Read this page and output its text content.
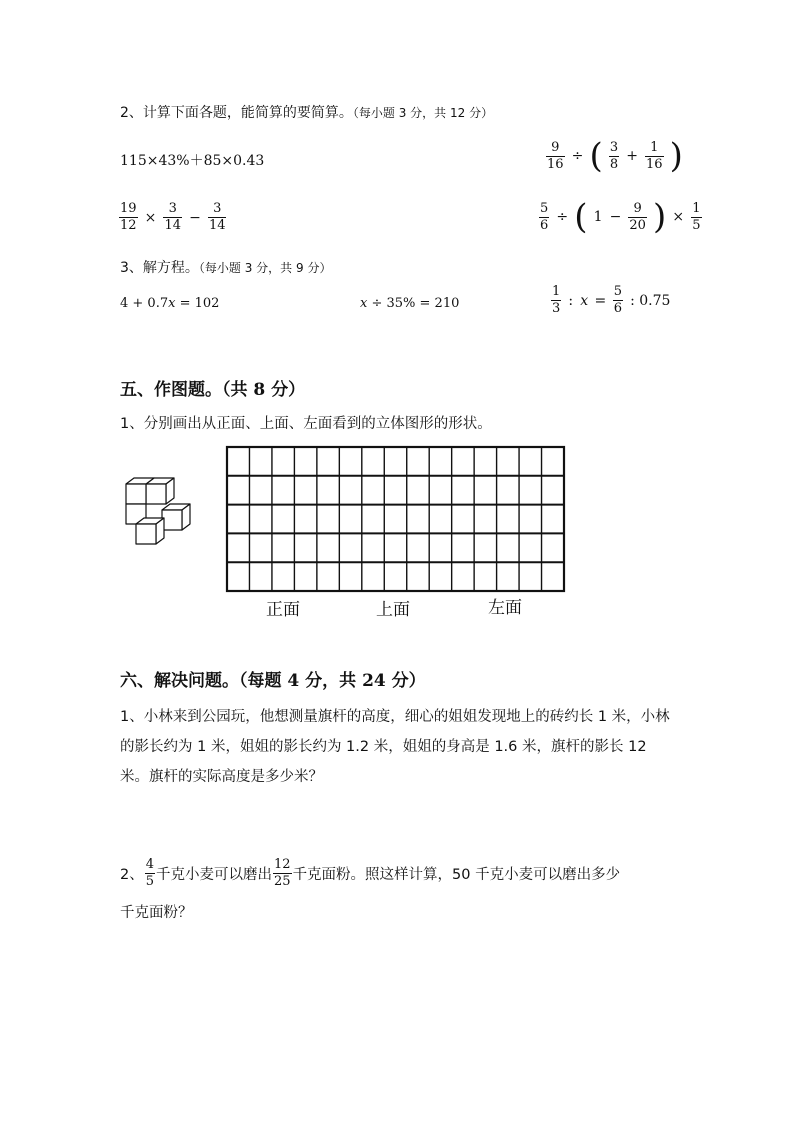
2、计算下面各题，能简算的要简算。（每小题 3 分，共 12 分）
115×43%＋85×0.43	$\frac{9}{16}$ ÷ ( $\frac{3}{8} + \frac{1}{16}$ )
$\frac{19}{12} \times \frac{3}{14} - \frac{3}{14}$	$\frac{5}{6}$ ÷ ( $1 - \frac{9}{20}$ ) × $\frac{1}{5}$
3、解方程。（每小题 3 分，共 9 分）
4 + 0.7x = 102	x ÷ 35% = 210	$\frac{1}{3}$ : $x = \frac{5}{6}$ : 0.75
五、作图题。（共 8 分）
1、分别画出从正面、上面、左面看到的立体图形的形状。
正面	上面	左面
六、解决问题。（每题 4 分，共 24 分）
1、小林来到公园玩，他想测量旗杆的高度，细心的姐姐发现地上的砖约长 1 米，小林的影长约为 1 米，姐姐的影长约为 1.2 米，姐姐的身高是 1.6 米，旗杆的影长 12 米。旗杆的实际高度是多少米？
2、 $\frac{4}{5}$ 千克小麦可以磨出 $\frac{12}{25}$ 千克面粉。照这样计算，50 千克小麦可以磨出多少
千克面粉？
